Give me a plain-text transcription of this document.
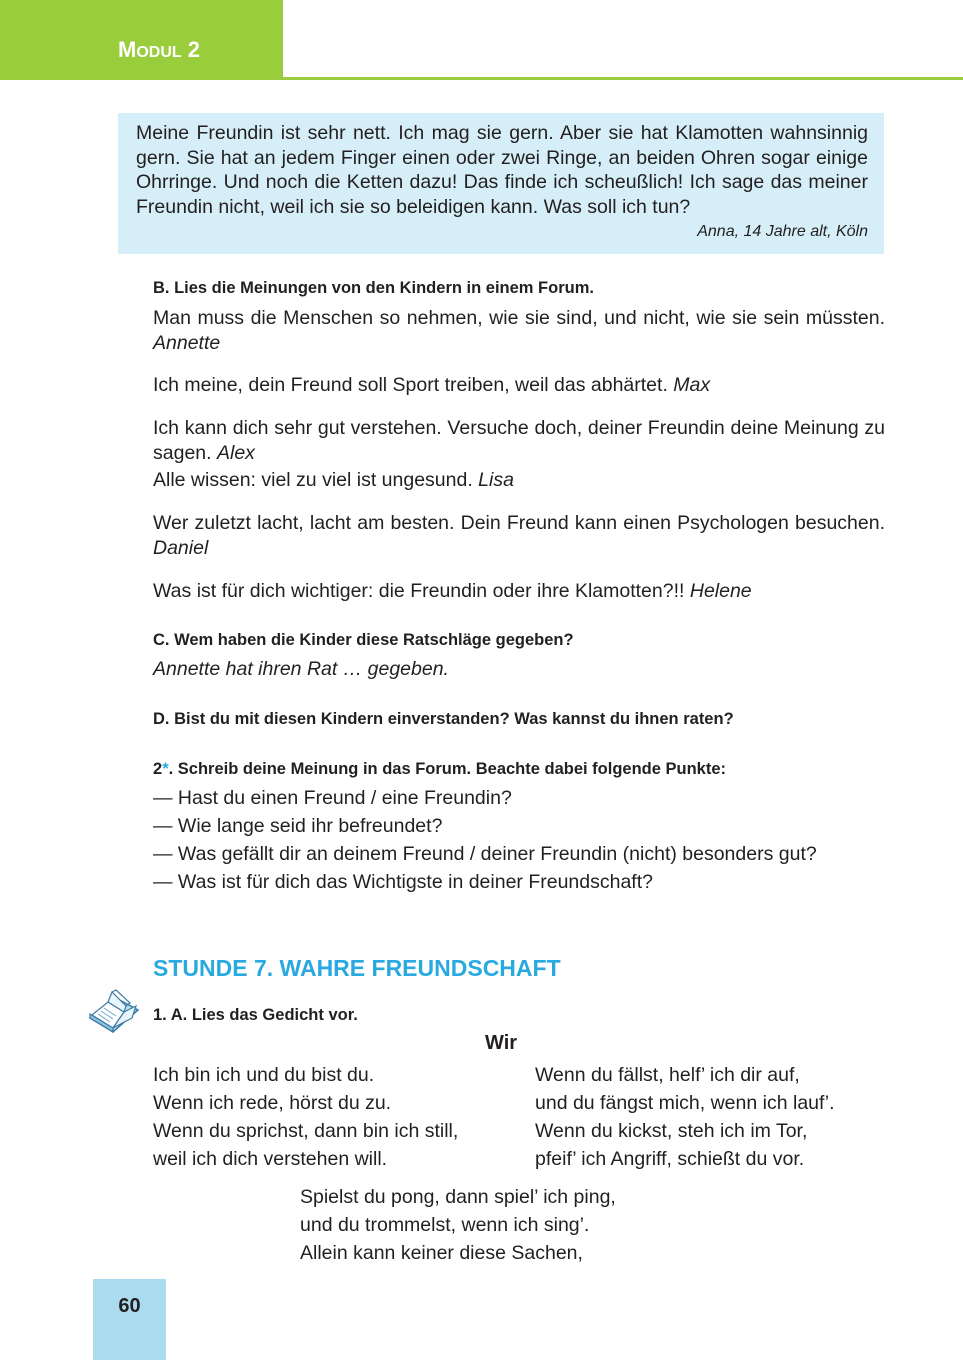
MODUL 2
Meine Freundin ist sehr nett. Ich mag sie gern. Aber sie hat Klamotten wahnsinnig gern. Sie hat an jedem Finger einen oder zwei Ringe, an beiden Ohren sogar einige Ohrringe. Und noch die Ketten dazu! Das finde ich scheußlich! Ich sage das meiner Freundin nicht, weil ich sie so beleidigen kann. Was soll ich tun?
Anna, 14 Jahre alt, Köln
B. Lies die Meinungen von den Kindern in einem Forum.
Man muss die Menschen so nehmen, wie sie sind, und nicht, wie sie sein müssten. Annette
Ich meine, dein Freund soll Sport treiben, weil das abhärtet. Max
Ich kann dich sehr gut verstehen. Versuche doch, deiner Freundin deine Meinung zu sagen. Alex
Alle wissen: viel zu viel ist ungesund. Lisa
Wer zuletzt lacht, lacht am besten. Dein Freund kann einen Psychologen besuchen. Daniel
Was ist für dich wichtiger: die Freundin oder ihre Klamotten?!! Helene
C. Wem haben die Kinder diese Ratschläge gegeben?
Annette hat ihren Rat … gegeben.
D. Bist du mit diesen Kindern einverstanden? Was kannst du ihnen raten?
2*. Schreib deine Meinung in das Forum. Beachte dabei folgende Punkte:
— Hast du einen Freund / eine Freundin?
— Wie lange seid ihr befreundet?
— Was gefällt dir an deinem Freund / deiner Freundin (nicht) besonders gut?
— Was ist für dich das Wichtigste in deiner Freundschaft?
STUNDE 7. WAHRE FREUNDSCHAFT
1. A. Lies das Gedicht vor.
Wir
Ich bin ich und du bist du.
Wenn ich rede, hörst du zu.
Wenn du sprichst, dann bin ich still,
weil ich dich verstehen will.
Wenn du fällst, helf’ ich dir auf,
und du fängst mich, wenn ich lauf’.
Wenn du kickst, steh ich im Tor,
pfeif’ ich Angriff, schießt du vor.
Spielst du pong, dann spiel’ ich ping,
und du trommelst, wenn ich sing’.
Allein kann keiner diese Sachen,
60
